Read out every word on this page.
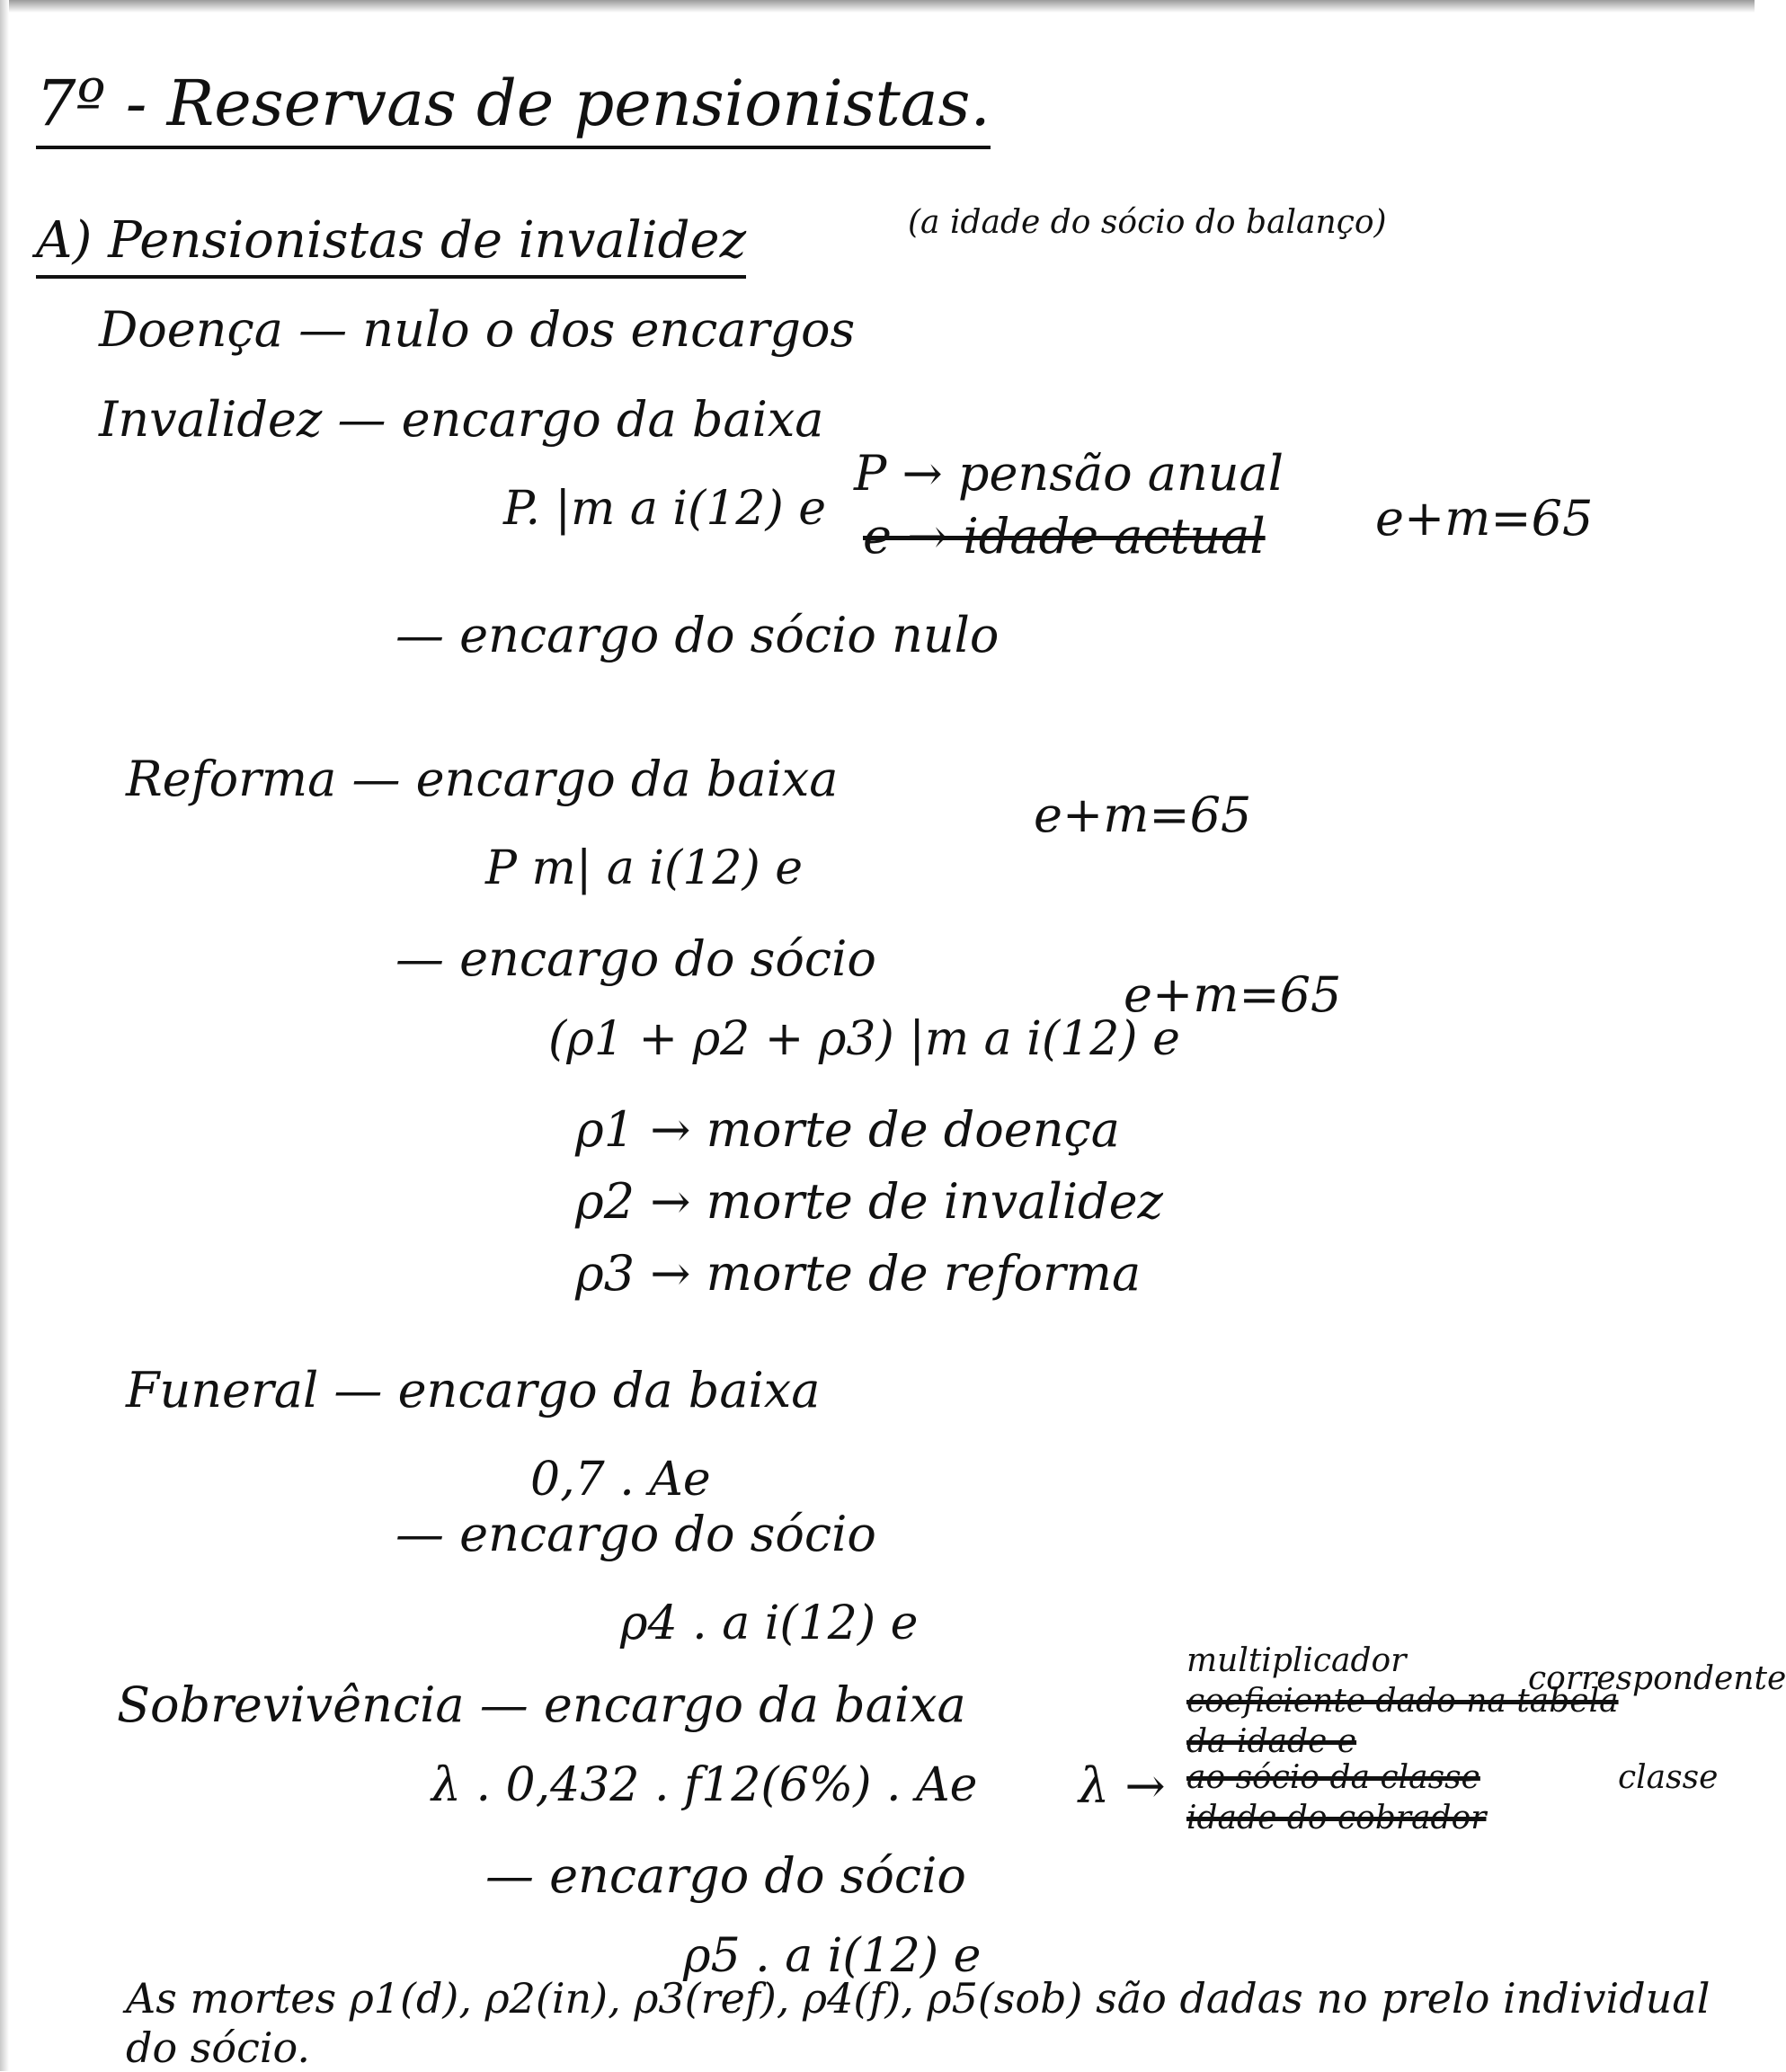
7º - Reservas de pensionistas.
A) Pensionistas de invalidez	(a idade do sócio do balanço)
Doença — nulo o dos encargos
Invalidez — encargo da baixa
P. |m a i(12) e
P → pensão anual
e → idade actual e+m=65
— encargo do sócio nulo
Reforma — encargo da baixa
P m| a i(12) e
e+m=65
— encargo do sócio
(ρ1 + ρ2 + ρ3) |m a i(12) e
e+m=65
ρ1 → morte de doença
ρ2 → morte de invalidez
ρ3 → morte de reforma
Funeral — encargo da baixa
0,7 . Ae
— encargo do sócio
ρ4 . a i(12) e
Sobrevivência — encargo da baixa
λ . 0,432 . f12(6%) . Ae λ →
multiplicador
coeficiente dado na tabela
correspondente
da idade e
ao sócio da classe	classe
idade do cobrador
— encargo do sócio
ρ5 . a i(12) e
As mortes ρ1(d), ρ2(in), ρ3(ref), ρ4(f), ρ5(sob) são dadas no prelo individual
do sócio.
